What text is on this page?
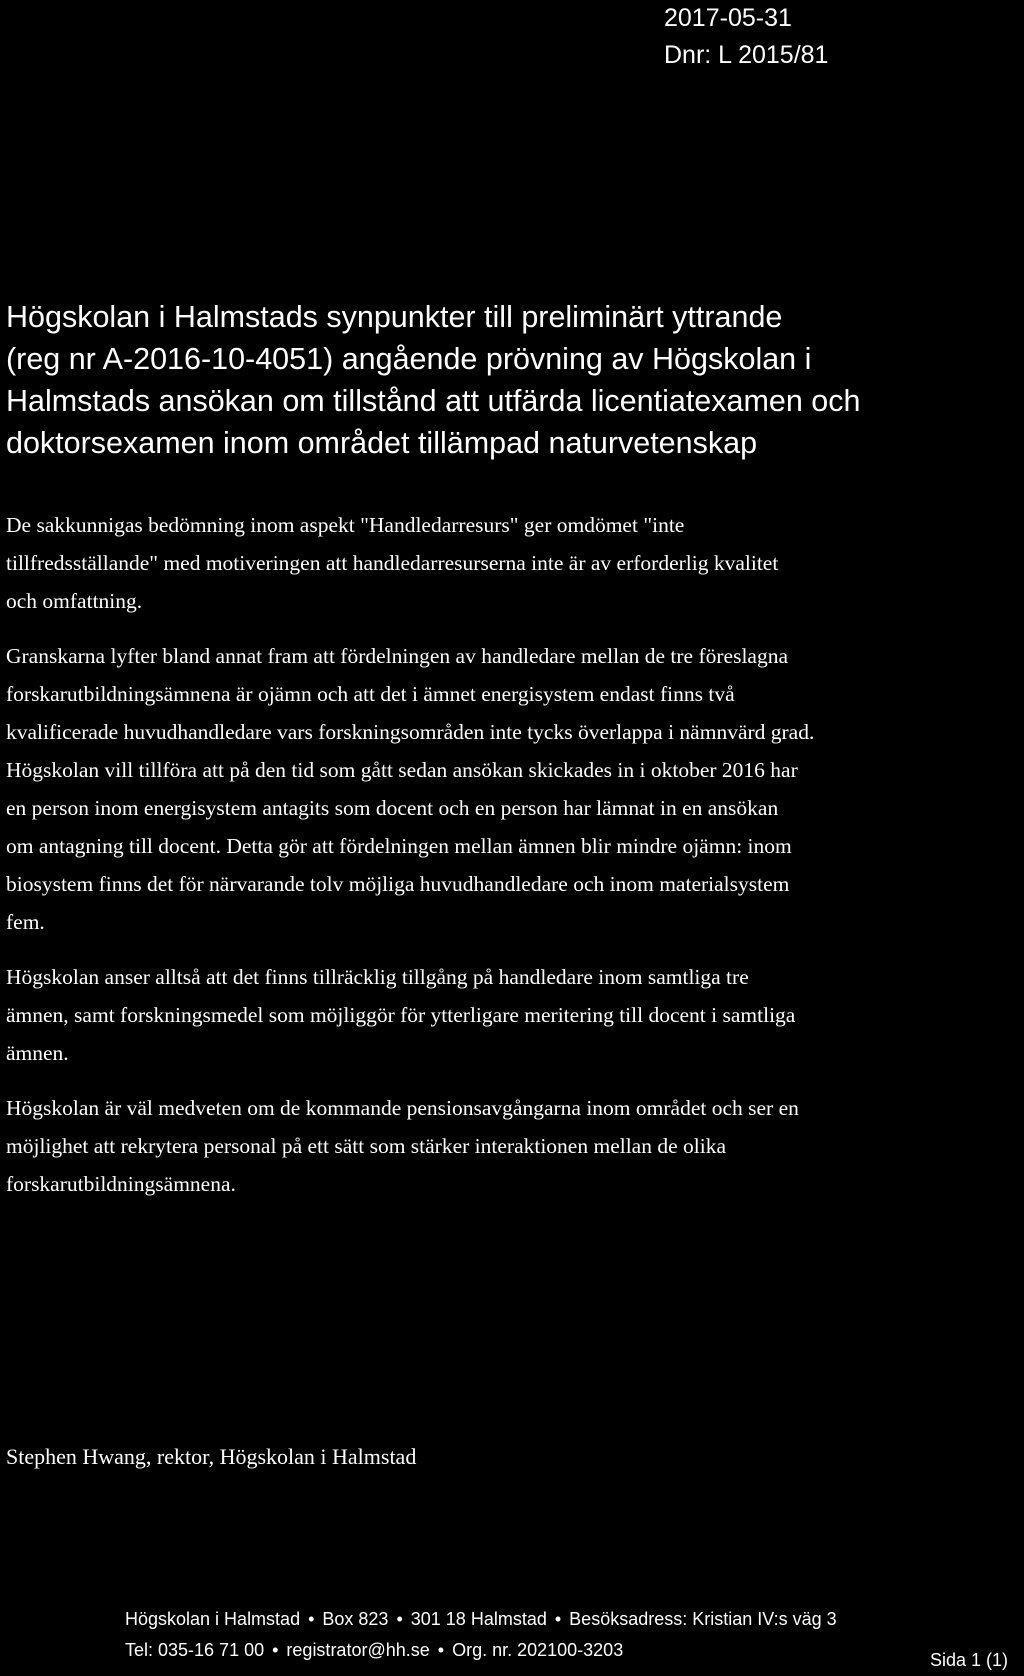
2017-05-31
Dnr: L 2015/81
Högskolan i Halmstads synpunkter till preliminärt yttrande
(reg nr A-2016-10-4051) angående prövning av Högskolan i
Halmstads ansökan om tillstånd att utfärda licentiatexamen och
doktorsexamen inom området tillämpad naturvetenskap

De sakkunnigas bedömning inom aspekt "Handledarresurs" ger omdömet "inte
tillfredsställande" med motiveringen att handledarresurserna inte är av erforderlig kvalitet
och omfattning.

Granskarna lyfter bland annat fram att fördelningen av handledare mellan de tre föreslagna
forskarutbildningsämnena är ojämn och att det i ämnet energisystem endast finns två
kvalificerade huvudhandledare vars forskningsområden inte tycks överlappa i nämnvärd grad.
Högskolan vill tillföra att på den tid som gått sedan ansökan skickades in i oktober 2016 har
en person inom energisystem antagits som docent och en person har lämnat in en ansökan
om antagning till docent. Detta gör att fördelningen mellan ämnen blir mindre ojämn: inom
biosystem finns det för närvarande tolv möjliga huvudhandledare och inom materialsystem
fem.

Högskolan anser alltså att det finns tillräcklig tillgång på handledare inom samtliga tre
ämnen, samt forskningsmedel som möjliggör för ytterligare meritering till docent i samtliga
ämnen.

Högskolan är väl medveten om de kommande pensionsavgångarna inom området och ser en
möjlighet att rekrytera personal på ett sätt som stärker interaktionen mellan de olika
forskarutbildningsämnena.

Stephen Hwang, rektor, Högskolan i Halmstad
Högskolan i Halmstad • Box 823 • 301 18 Halmstad • Besöksadress: Kristian IV:s väg 3
Tel: 035-16 71 00 • registrator@hh.se • Org. nr. 202100-3203	Sida 1 (1)
